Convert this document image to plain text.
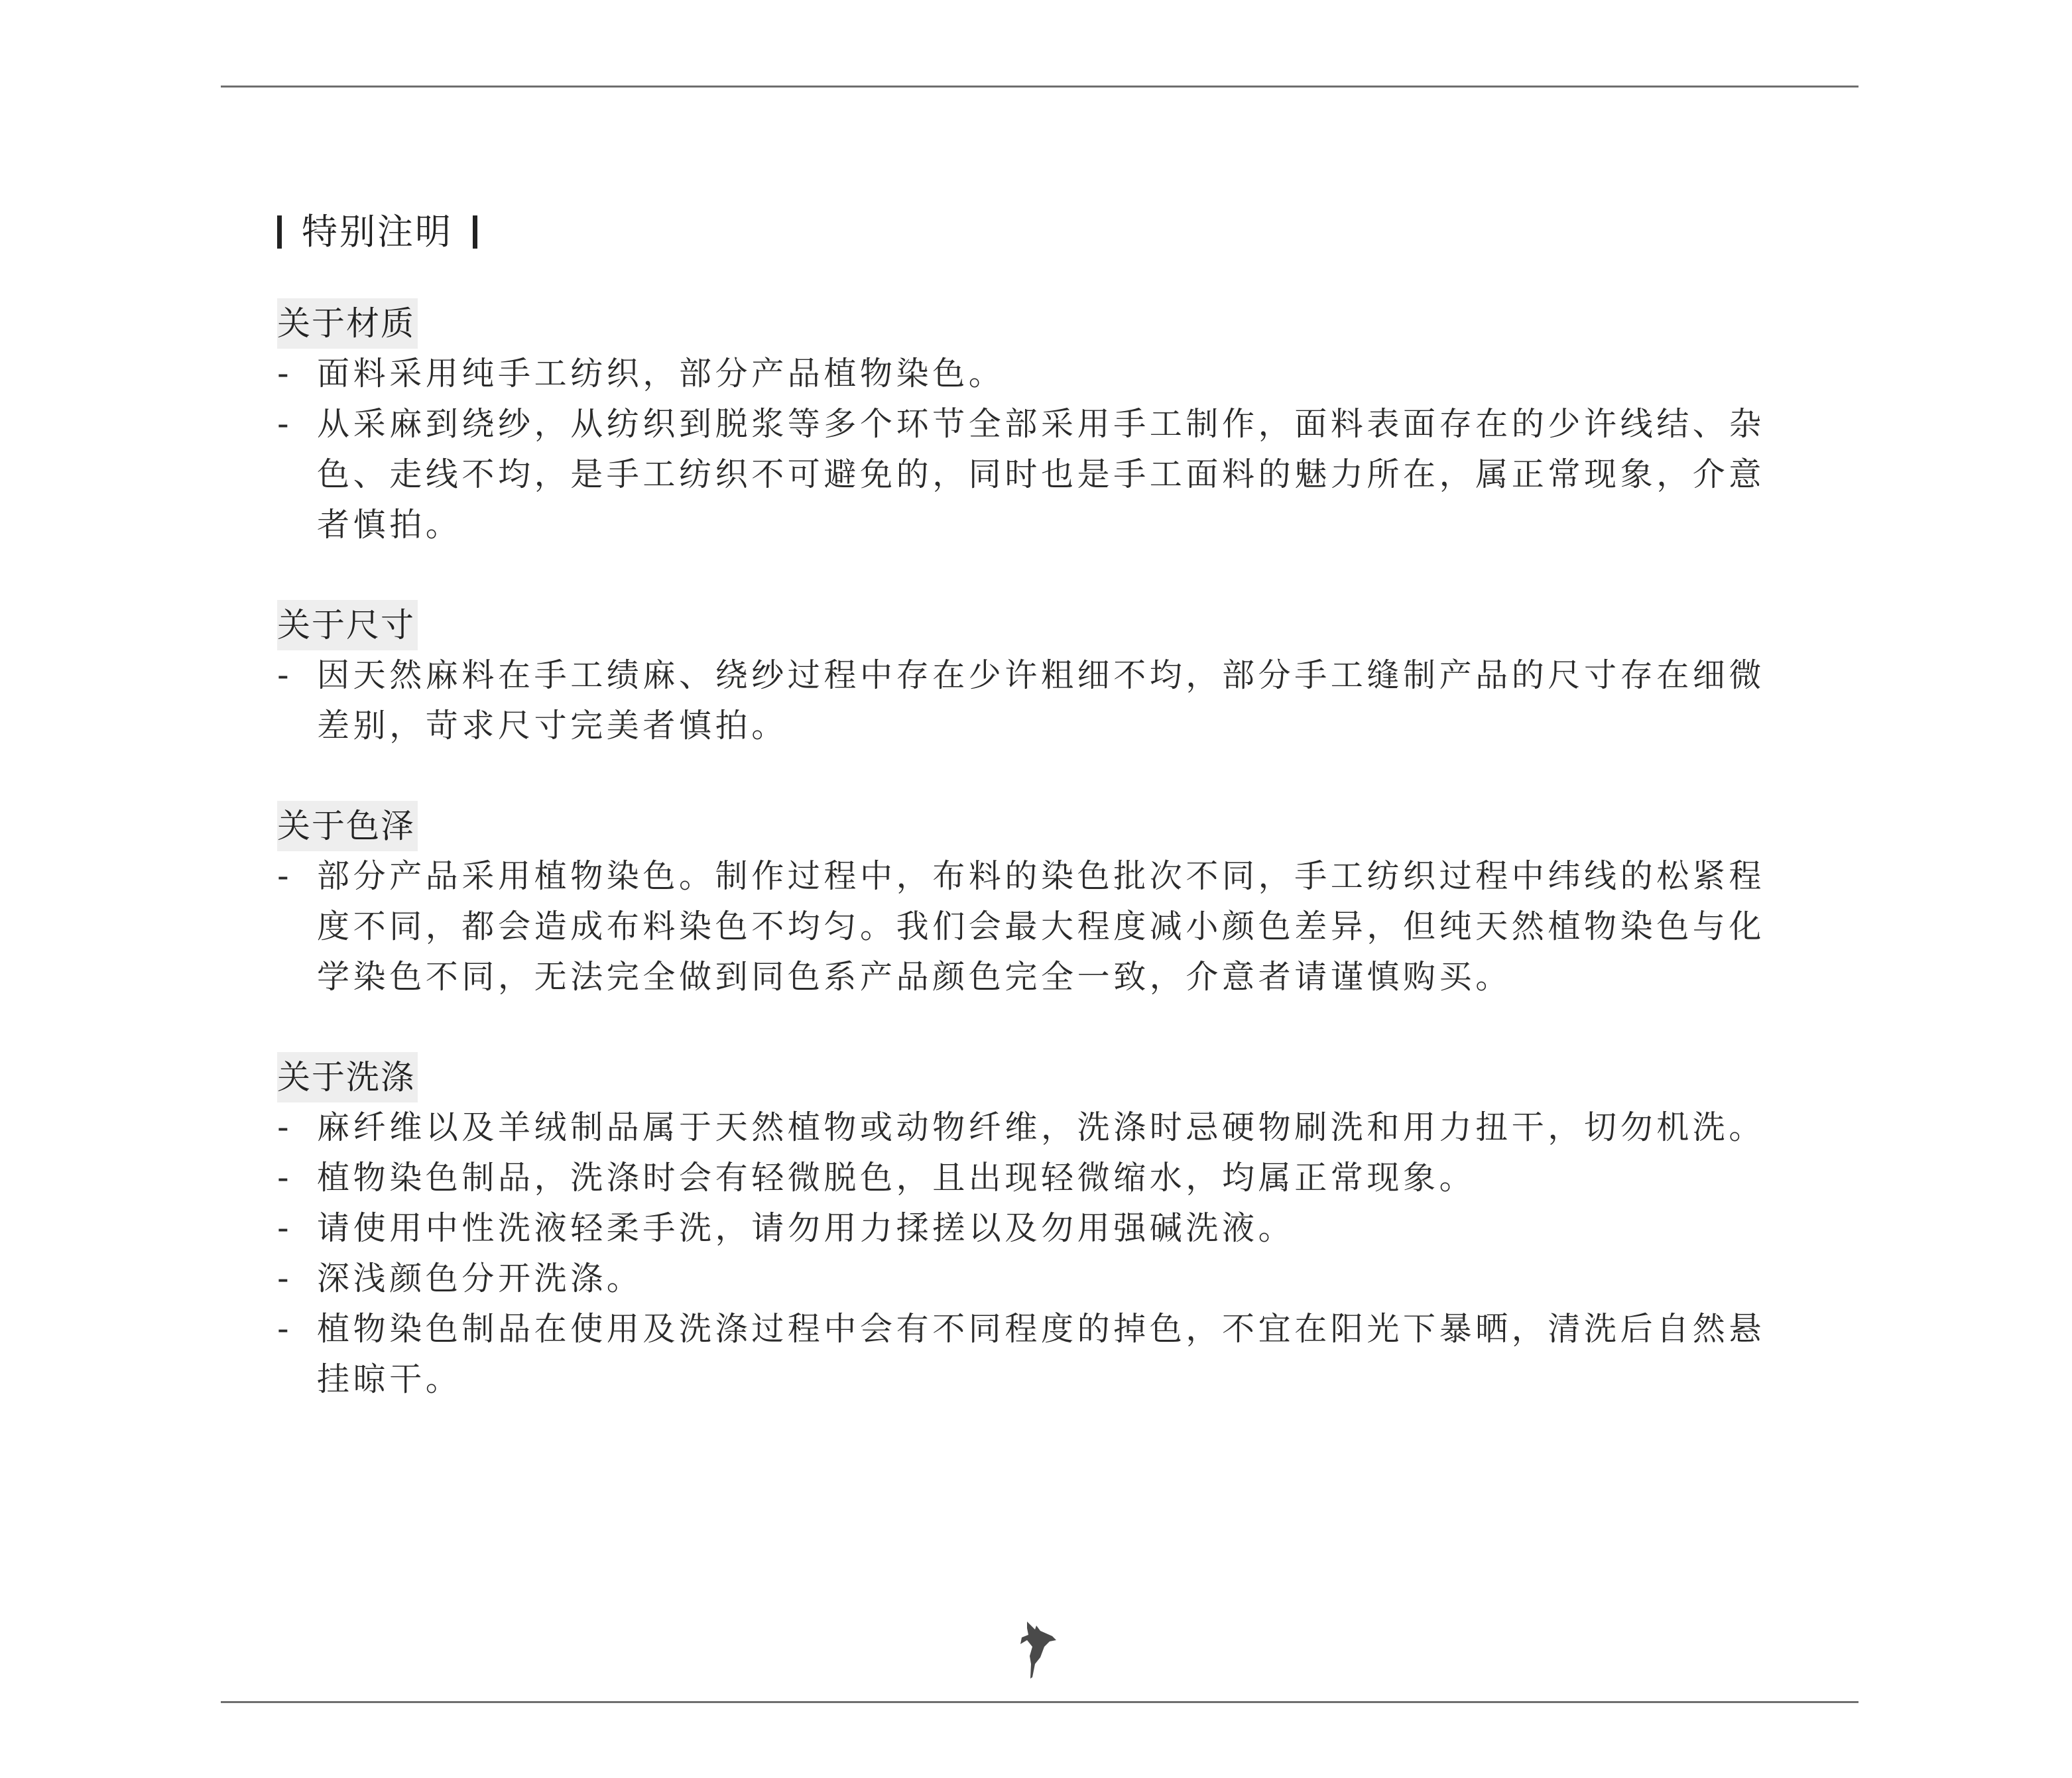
特别注明
关于材质
- 面料采用纯手工纺织，部分产品植物染色。
- 从采麻到绕纱，从纺织到脱浆等多个环节全部采用手工制作，面料表面存在的少许线结、杂色、走线不均，是手工纺织不可避免的，同时也是手工面料的魅力所在，属正常现象，介意者慎拍。
关于尺寸
- 因天然麻料在手工绩麻、绕纱过程中存在少许粗细不均，部分手工缝制产品的尺寸存在细微差别，苛求尺寸完美者慎拍。
关于色泽
- 部分产品采用植物染色。制作过程中，布料的染色批次不同，手工纺织过程中纬线的松紧程度不同，都会造成布料染色不均匀。我们会最大程度减小颜色差异，但纯天然植物染色与化学染色不同，无法完全做到同色系产品颜色完全一致，介意者请谨慎购买。
关于洗涤
- 麻纤维以及羊绒制品属于天然植物或动物纤维，洗涤时忌硬物刷洗和用力扭干，切勿机洗。
- 植物染色制品，洗涤时会有轻微脱色，且出现轻微缩水，均属正常现象。
- 请使用中性洗液轻柔手洗，请勿用力揉搓以及勿用强碱洗液。
- 深浅颜色分开洗涤。
- 植物染色制品在使用及洗涤过程中会有不同程度的掉色，不宜在阳光下暴晒，清洗后自然悬挂晾干。
